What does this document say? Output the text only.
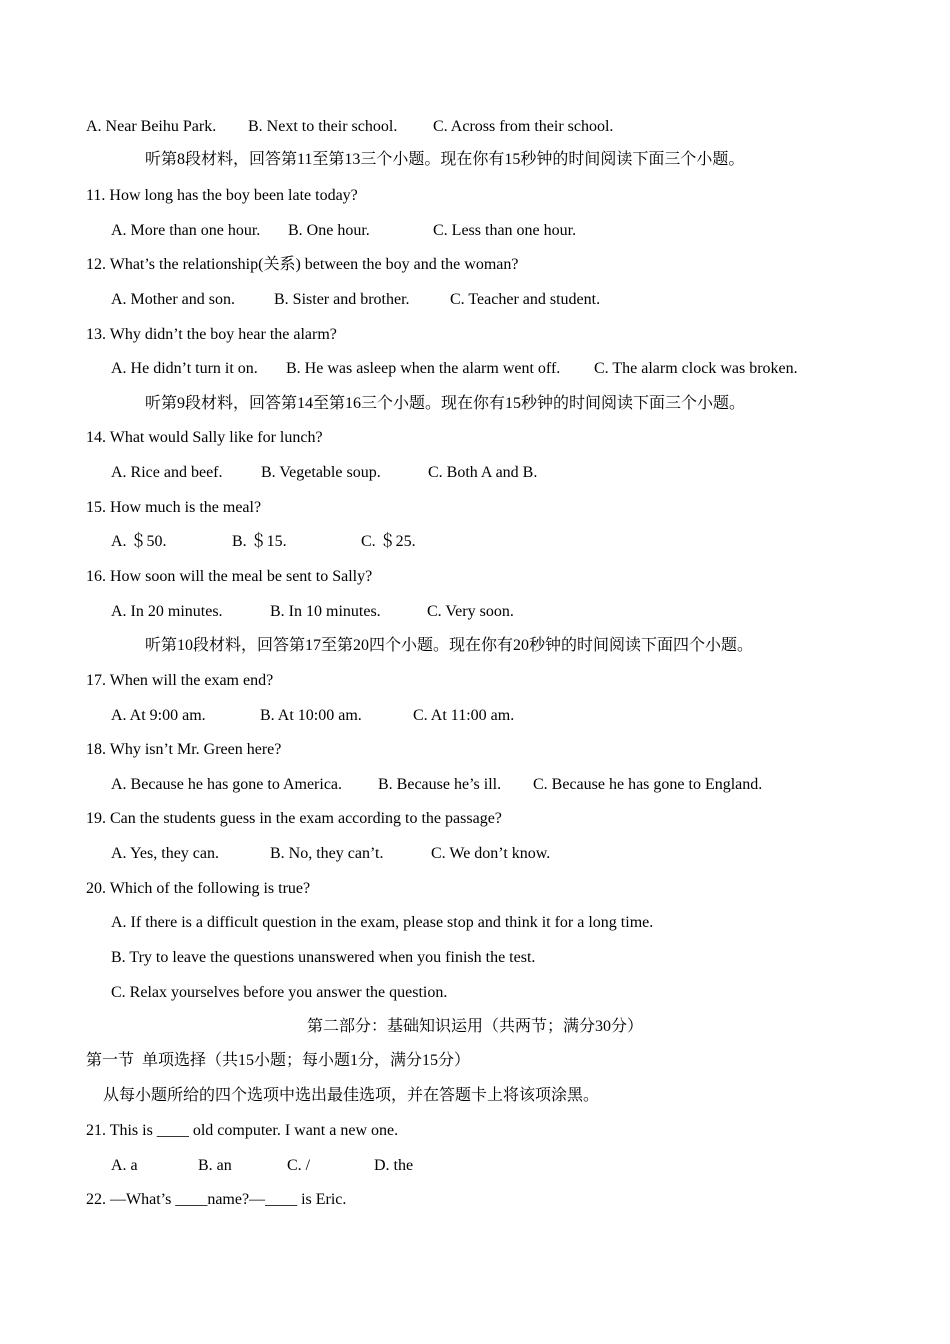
A. Near Beihu Park. B. Next to their school. C. Across from their school.
听第8段材料，回答第11至第13三个小题。现在你有15秒钟的时间阅读下面三个小题。
11. How long has the boy been late today?
A. More than one hour. B. One hour.	C. Less than one hour.
12. What’s the relationship(关系) between the boy and the woman?
A. Mother and son. B. Sister and brother.	C. Teacher and student.
13. Why didn’t the boy hear the alarm?
A. He didn’t turn it on. B. He was asleep when the alarm went off. C. The alarm clock was broken.
听第9段材料，回答第14至第16三个小题。现在你有15秒钟的时间阅读下面三个小题。
14. What would Sally like for lunch?
A. Rice and beef. B. Vegetable soup.	C. Both A and B.
15. How much is the meal?
A. ＄50.	B. ＄15.	C. ＄25.
16. How soon will the meal be sent to Sally?
A. In 20 minutes.	B. In 10 minutes.	C. Very soon.
听第10段材料，回答第17至第20四个小题。现在你有20秒钟的时间阅读下面四个小题。
17. When will the exam end?
A. At 9:00 am.	B. At 10:00 am.	C. At 11:00 am.
18. Why isn’t Mr. Green here?
A. Because he has gone to America. B. Because he’s ill. C. Because he has gone to England.
19. Can the students guess in the exam according to the passage?
A. Yes, they can.	B. No, they can’t.	C. We don’t know.
20. Which of the following is true?
A. If there is a difficult question in the exam, please stop and think it for a long time.
B. Try to leave the questions unanswered when you finish the test.
C. Relax yourselves before you answer the question.
第二部分：基础知识运用（共两节；满分30分）
第一节  单项选择（共15小题；每小题1分，满分15分）
从每小题所给的四个选项中选出最佳选项，并在答题卡上将该项涂黑。
21. This is ____ old computer. I want a new one.
A. a	B. an	C. /	D. the
22. —What’s ____name?—____ is Eric.
